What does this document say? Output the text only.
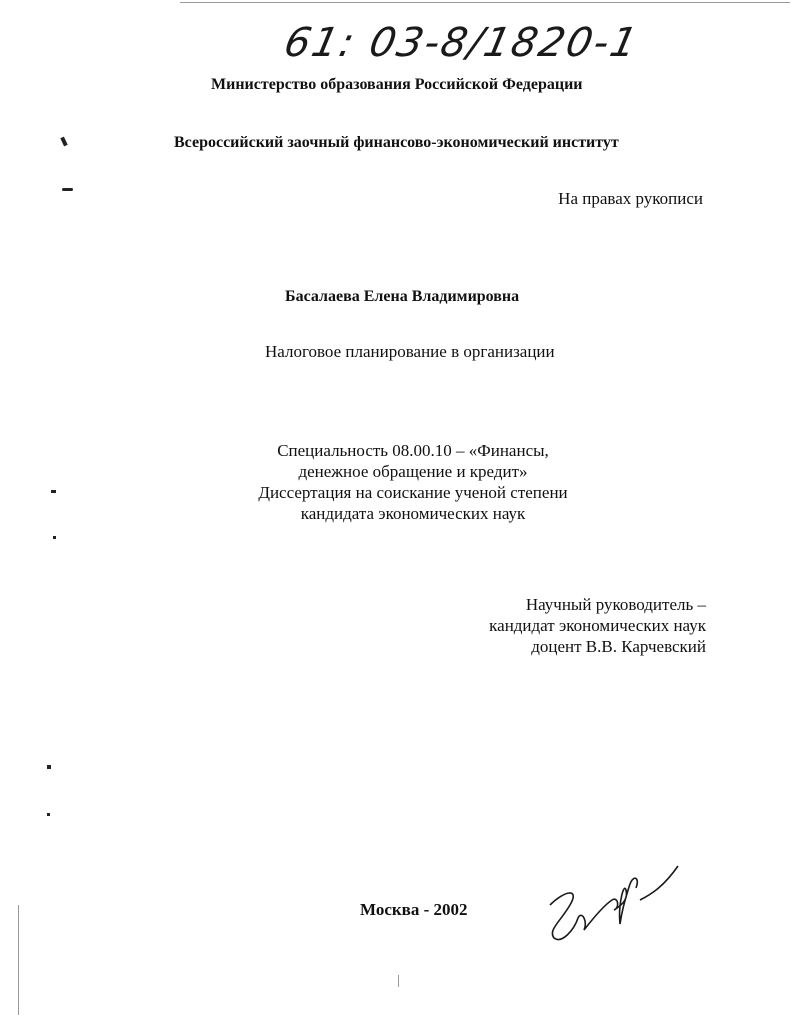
61: 03-8/1820-1
Министерство образования Российской Федерации
Всероссийский заочный финансово-экономический институт
На правах рукописи
Басалаева Елена Владимировна
Налоговое планирование в организации
Специальность 08.00.10 – «Финансы,
денежное обращение и кредит»
Диссертация на соискание ученой степени
кандидата экономических наук
Научный руководитель –
кандидат экономических наук
доцент В.В. Карчевский
Москва - 2002
